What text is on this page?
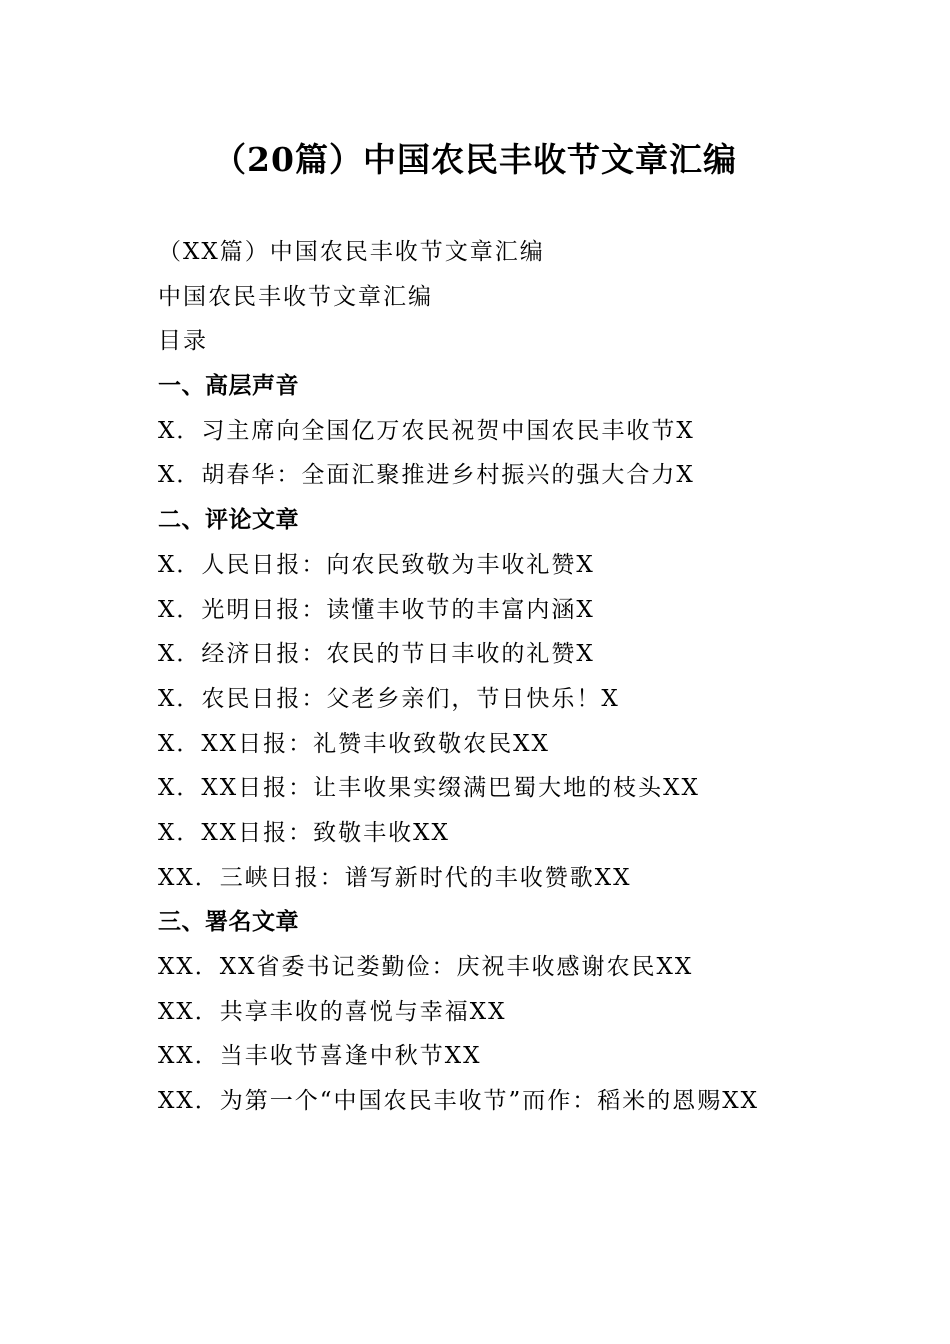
（20篇）中国农民丰收节文章汇编
（XX篇）中国农民丰收节文章汇编
中国农民丰收节文章汇编
目录
一、高层声音
X．习主席向全国亿万农民祝贺中国农民丰收节X
X．胡春华：全面汇聚推进乡村振兴的强大合力X
二、评论文章
X．人民日报：向农民致敬为丰收礼赞X
X．光明日报：读懂丰收节的丰富内涵X
X．经济日报：农民的节日丰收的礼赞X
X．农民日报：父老乡亲们，节日快乐！X
X．XX日报：礼赞丰收致敬农民XX
X．XX日报：让丰收果实缀满巴蜀大地的枝头XX
X．XX日报：致敬丰收XX
XX．三峡日报：谱写新时代的丰收赞歌XX
三、署名文章
XX．XX省委书记娄勤俭：庆祝丰收感谢农民XX
XX．共享丰收的喜悦与幸福XX
XX．当丰收节喜逢中秋节XX
XX．为第一个“中国农民丰收节”而作：稻米的恩赐XX
